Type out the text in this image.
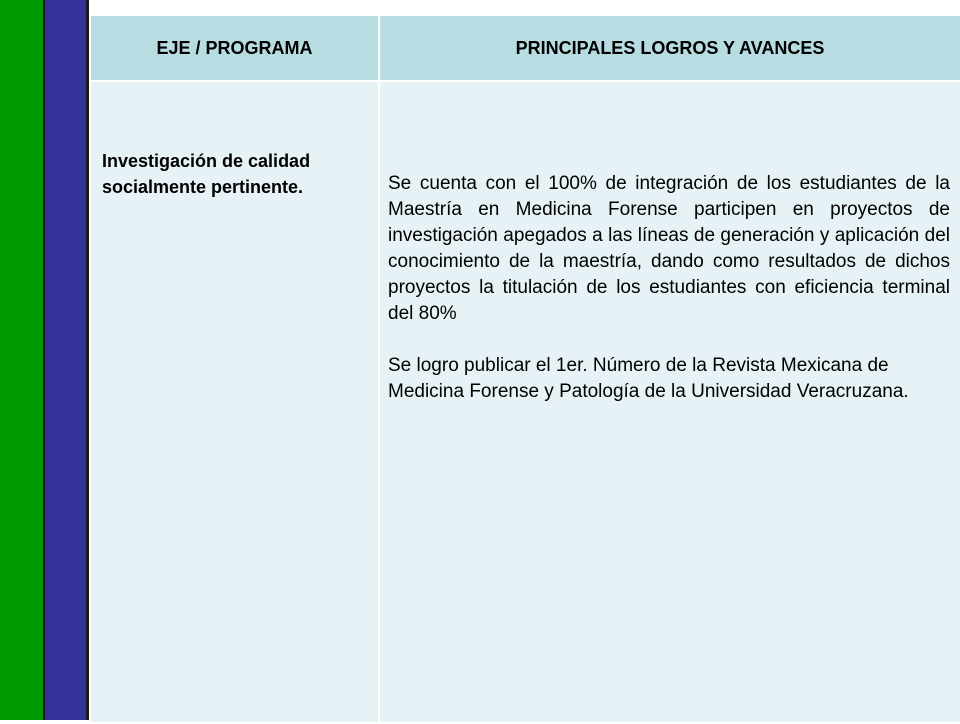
EJE / PROGRAMA	PRINCIPALES LOGROS Y AVANCES

Investigación de calidad socialmente pertinente.	Se cuenta con el 100% de integración de los estudiantes de la Maestría en Medicina Forense participen en proyectos de investigación apegados a las líneas de generación y aplicación del conocimiento de la maestría, dando como resultados de dichos proyectos la titulación de los estudiantes con eficiencia terminal del 80%

Se logro publicar el 1er. Número de la Revista Mexicana de Medicina Forense y Patología de la Universidad Veracruzana.
